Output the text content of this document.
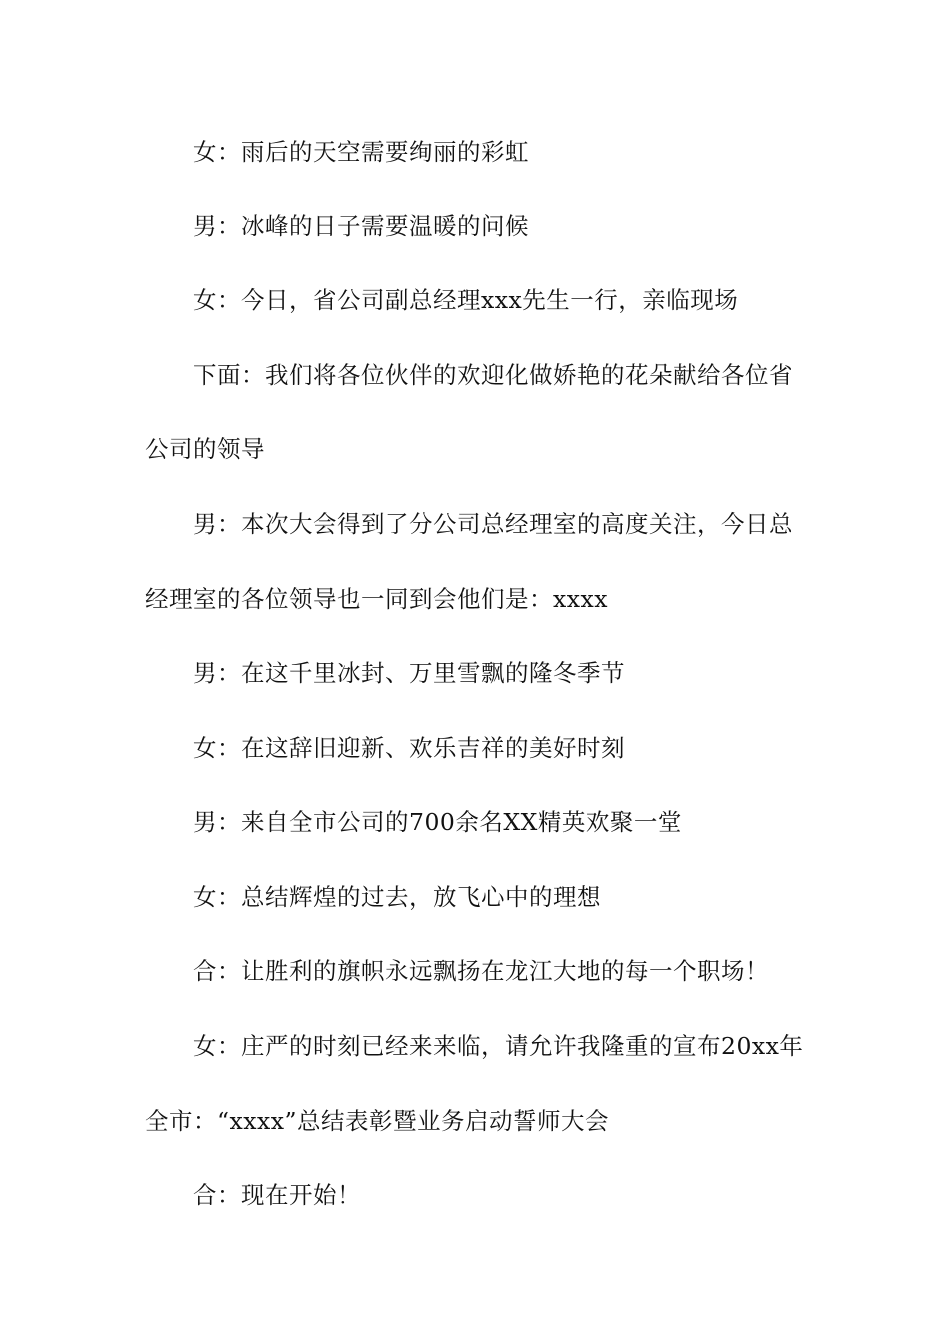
女：雨后的天空需要绚丽的彩虹

男：冰峰的日子需要温暖的问候

女：今日，省公司副总经理xxx先生一行，亲临现场

下面：我们将各位伙伴的欢迎化做娇艳的花朵献给各位省

公司的领导

男：本次大会得到了分公司总经理室的高度关注，今日总

经理室的各位领导也一同到会他们是：xxxx

男：在这千里冰封、万里雪飘的隆冬季节

女：在这辞旧迎新、欢乐吉祥的美好时刻

男：来自全市公司的700余名XX精英欢聚一堂

女：总结辉煌的过去，放飞心中的理想

合：让胜利的旗帜永远飘扬在龙江大地的每一个职场！

女：庄严的时刻已经来来临，请允许我隆重的宣布20xx年

全市：“xxxx”总结表彰暨业务启动誓师大会

合：现在开始！
